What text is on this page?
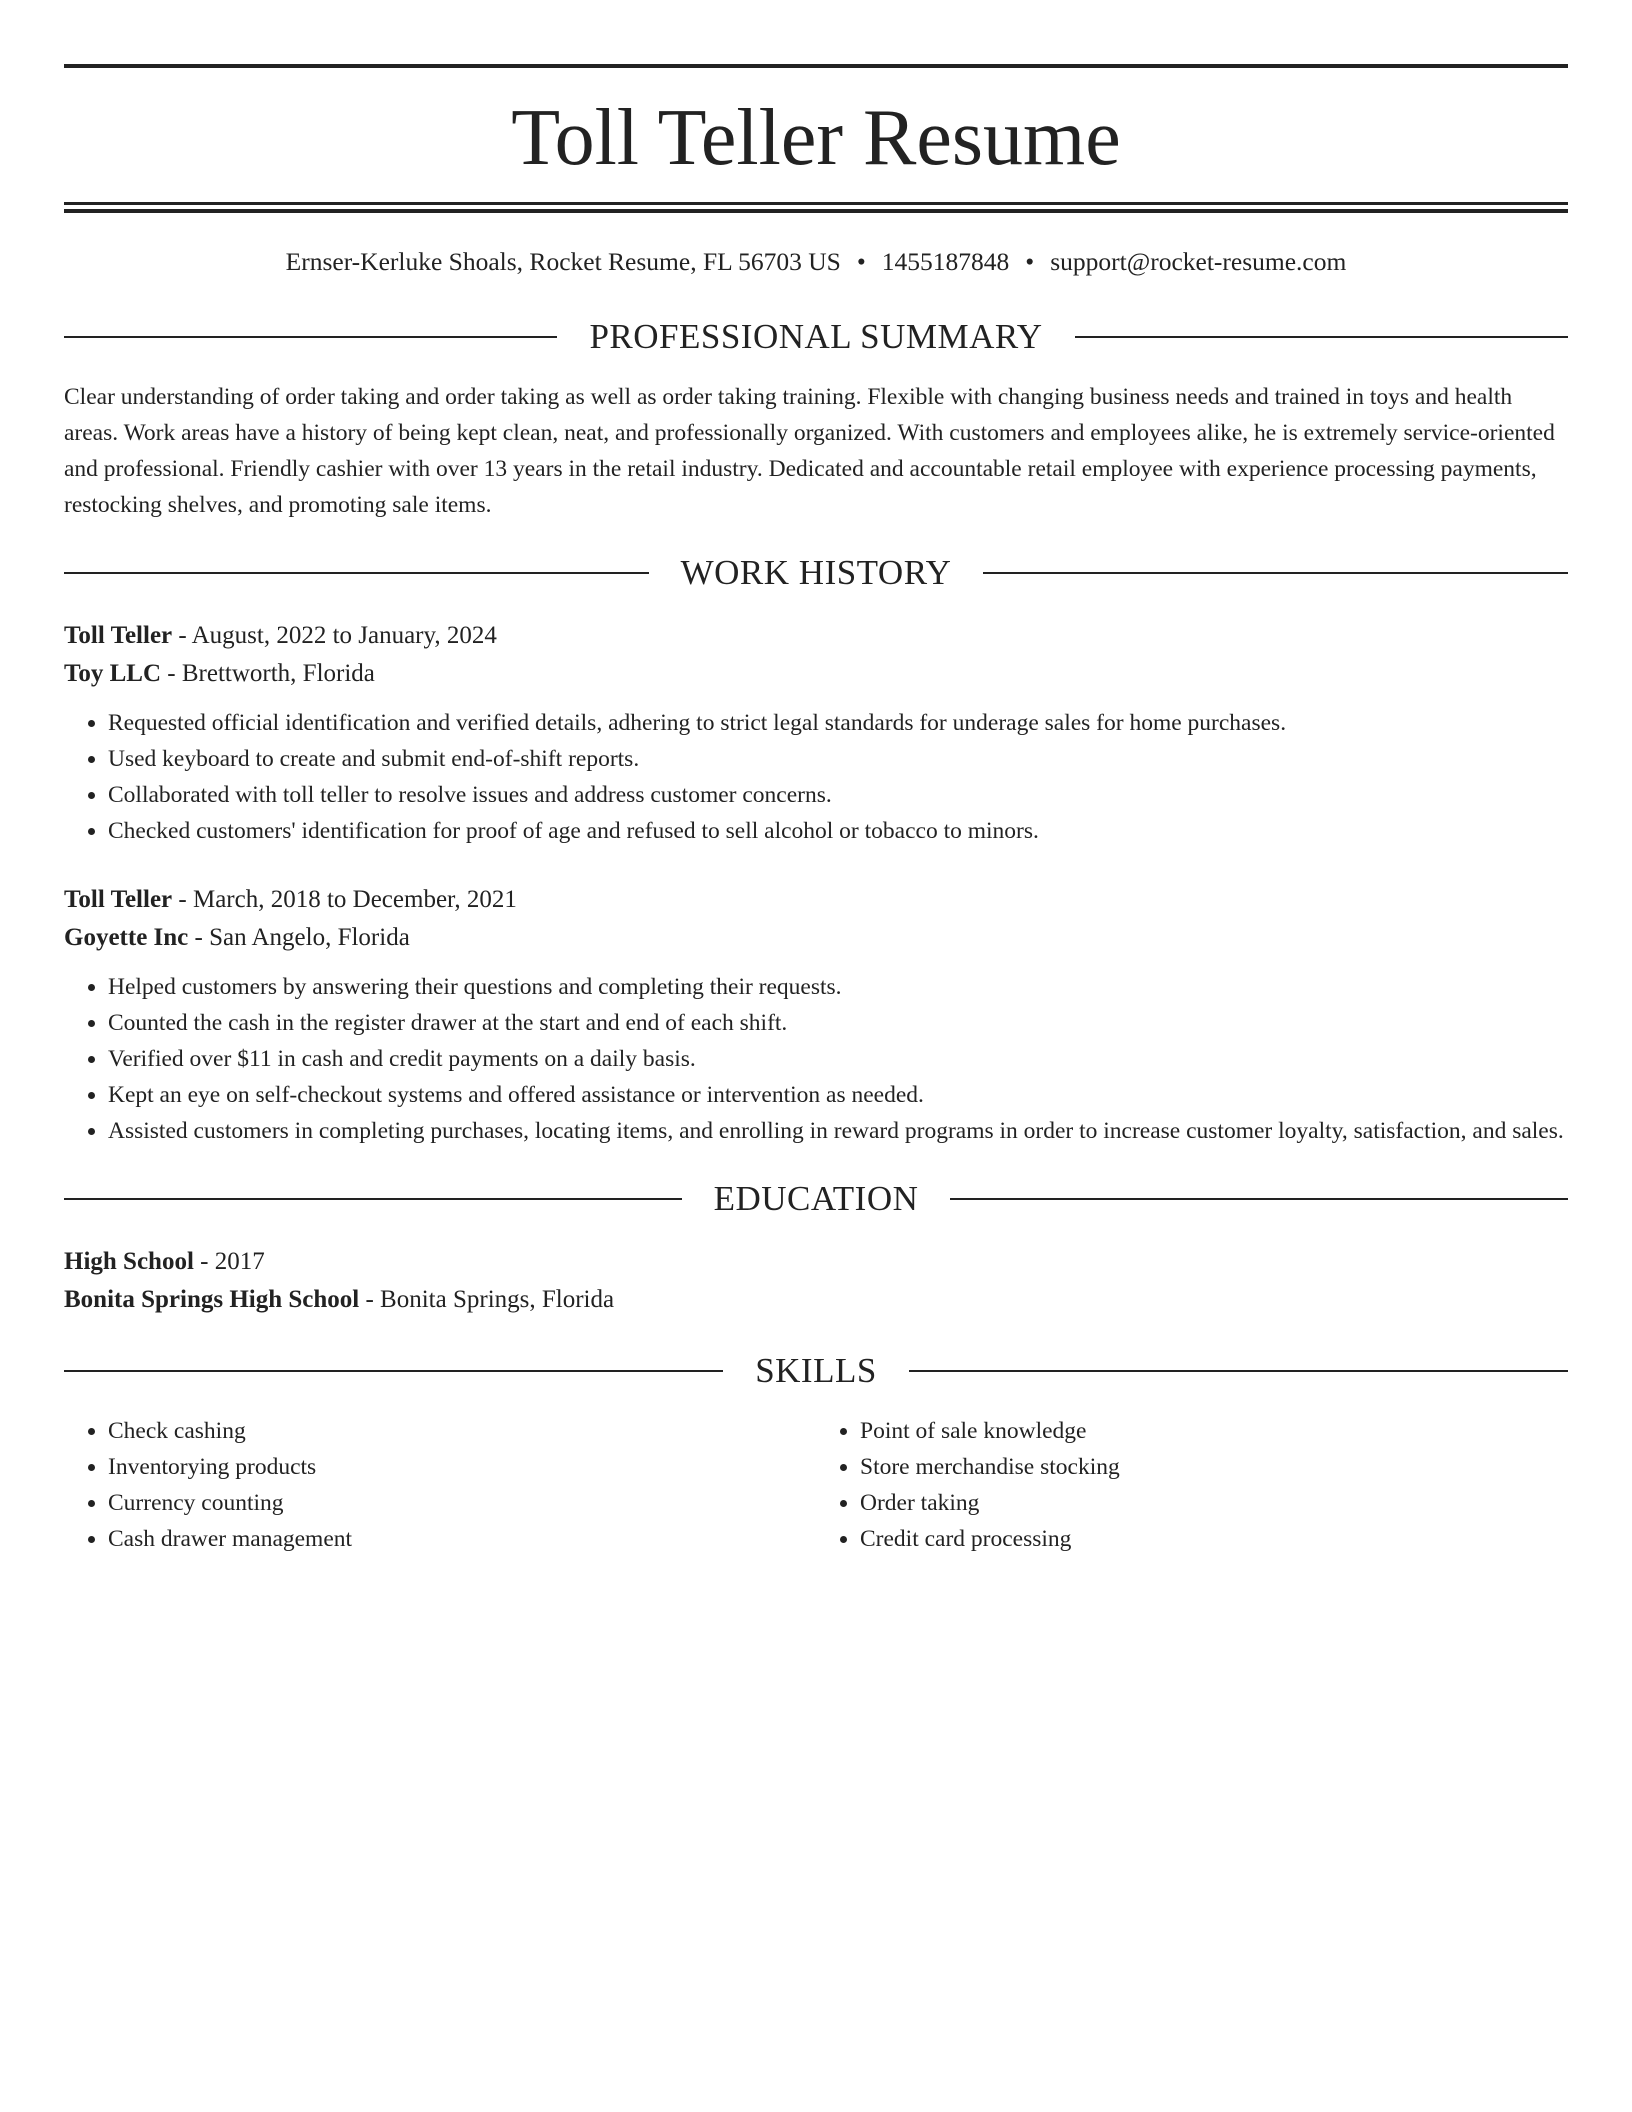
Toll Teller Resume
Ernser-Kerluke Shoals, Rocket Resume, FL 56703 US • 1455187848 • support@rocket-resume.com
PROFESSIONAL SUMMARY
Clear understanding of order taking and order taking as well as order taking training. Flexible with changing business needs and trained in toys and health areas. Work areas have a history of being kept clean, neat, and professionally organized. With customers and employees alike, he is extremely service-oriented and professional. Friendly cashier with over 13 years in the retail industry. Dedicated and accountable retail employee with experience processing payments, restocking shelves, and promoting sale items.
WORK HISTORY
Toll Teller - August, 2022 to January, 2024
Toy LLC - Brettworth, Florida
• Requested official identification and verified details, adhering to strict legal standards for underage sales for home purchases.
• Used keyboard to create and submit end-of-shift reports.
• Collaborated with toll teller to resolve issues and address customer concerns.
• Checked customers' identification for proof of age and refused to sell alcohol or tobacco to minors.
Toll Teller - March, 2018 to December, 2021
Goyette Inc - San Angelo, Florida
• Helped customers by answering their questions and completing their requests.
• Counted the cash in the register drawer at the start and end of each shift.
• Verified over $11 in cash and credit payments on a daily basis.
• Kept an eye on self-checkout systems and offered assistance or intervention as needed.
• Assisted customers in completing purchases, locating items, and enrolling in reward programs in order to increase customer loyalty, satisfaction, and sales.
EDUCATION
High School - 2017
Bonita Springs High School - Bonita Springs, Florida
SKILLS
• Check cashing
• Inventorying products
• Currency counting
• Cash drawer management
• Point of sale knowledge
• Store merchandise stocking
• Order taking
• Credit card processing
